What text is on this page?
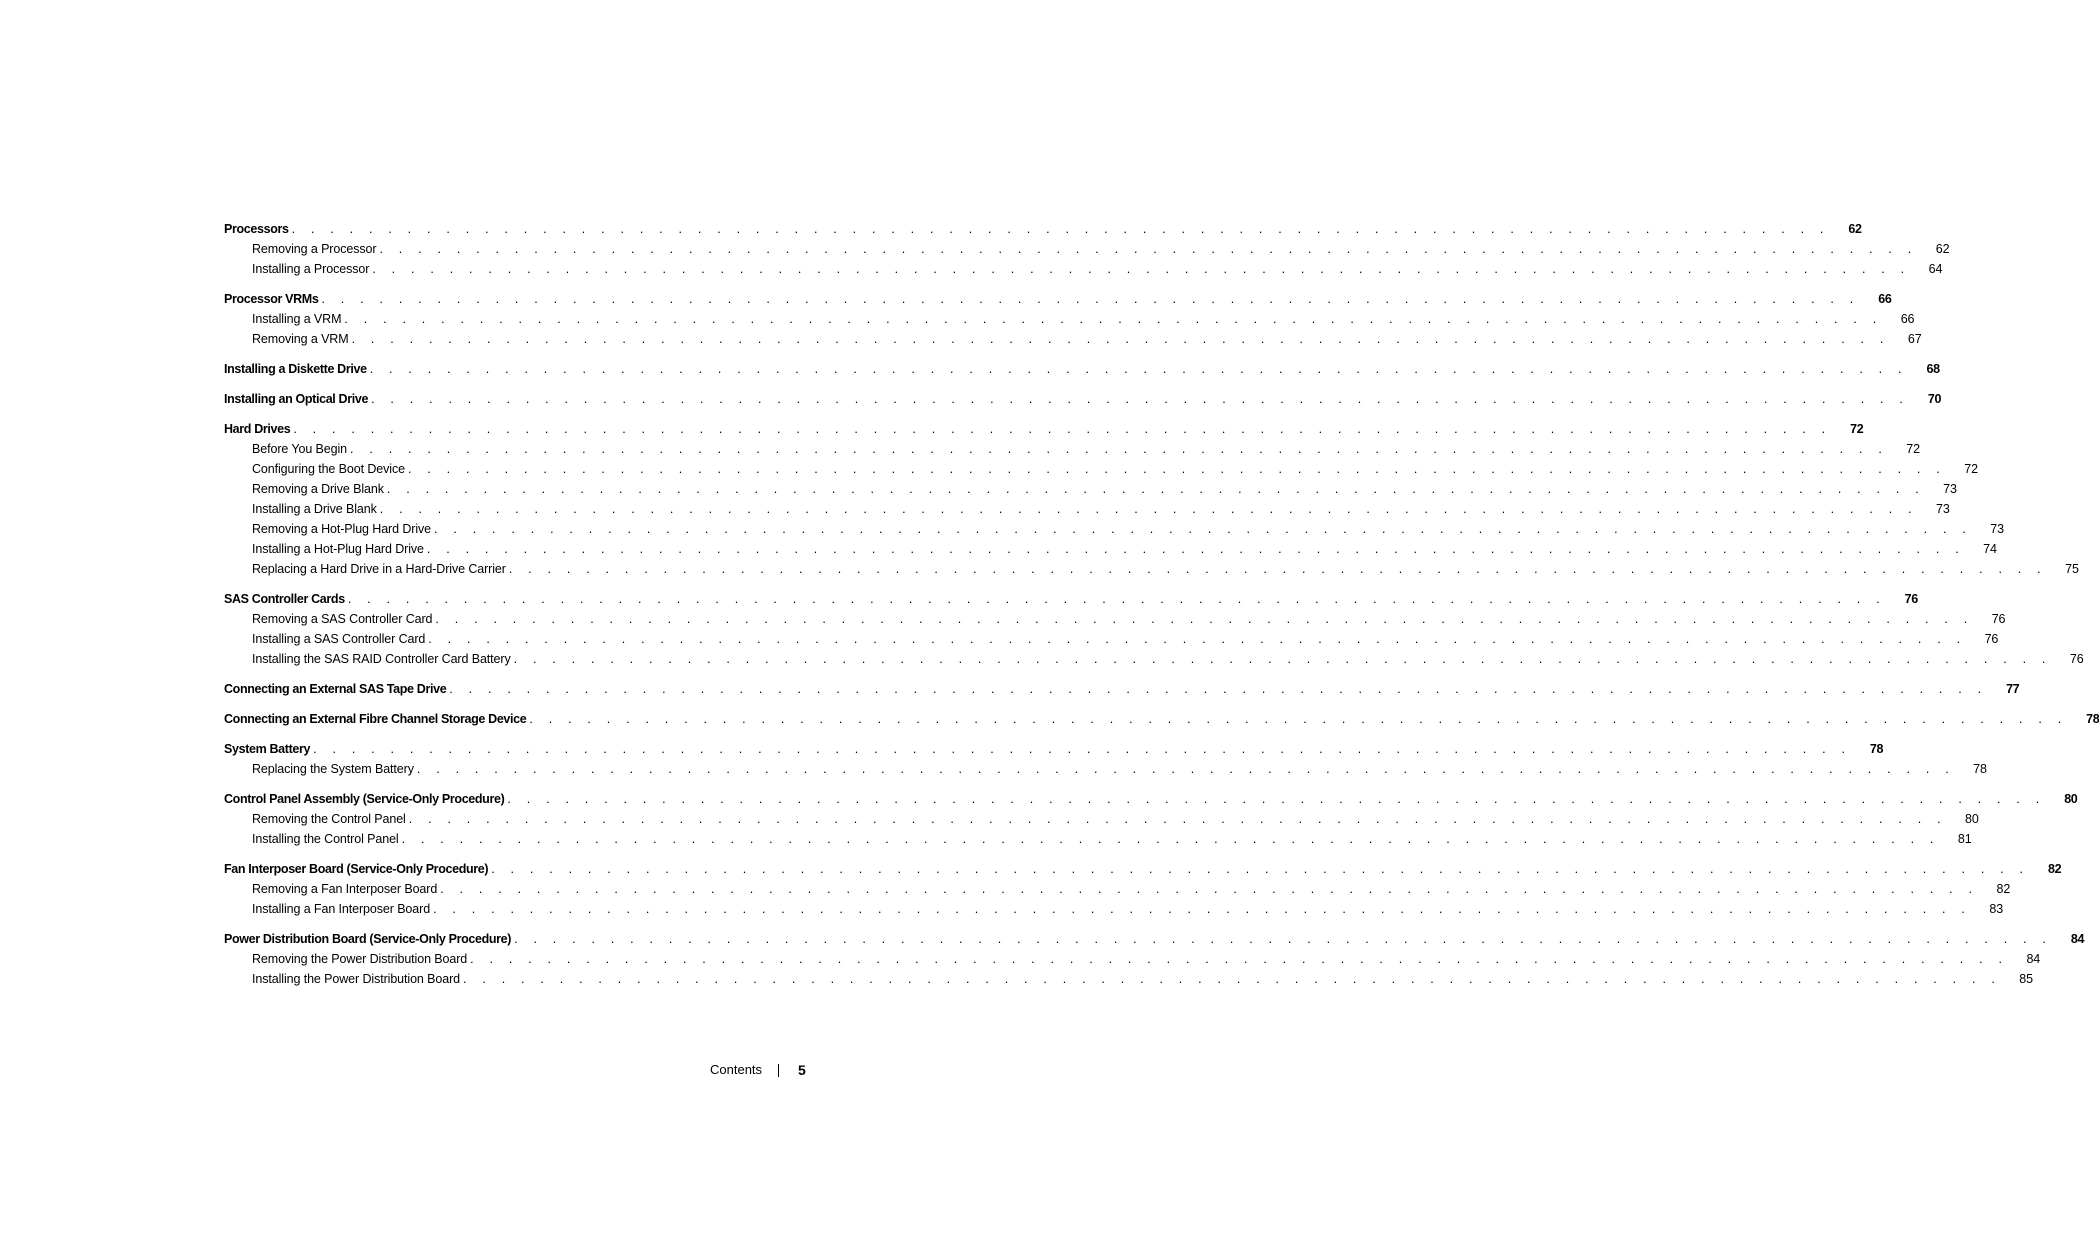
Processors . . . . . . . . . . . . . . . . . . . . . . . . . . . . . . . . . . . . . . . . . . . . . . . . . . . . . . . . . . . . . . . . . . . . . . . . . . . . . . . .	62
Removing a Processor . . . . . . . . . . . . . . . . . . . . . . . . . . . . . . . . . . . . . . . . . . . . . . . . . . . . . . . . . . . . . . . . . . . . . . . . . . . . . . . .	62
Installing a Processor . . . . . . . . . . . . . . . . . . . . . . . . . . . . . . . . . . . . . . . . . . . . . . . . . . . . . . . . . . . . . . . . . . . . . . . . . . . . . . . .	64
Processor VRMs . . . . . . . . . . . . . . . . . . . . . . . . . . . . . . . . . . . . . . . . . . . . . . . . . . . . . . . . . . . . . . . . . . . . . . . . . . . . . . . .	66
Installing a VRM . . . . . . . . . . . . . . . . . . . . . . . . . . . . . . . . . . . . . . . . . . . . . . . . . . . . . . . . . . . . . . . . . . . . . . . . . . . . . . . .	66
Removing a VRM . . . . . . . . . . . . . . . . . . . . . . . . . . . . . . . . . . . . . . . . . . . . . . . . . . . . . . . . . . . . . . . . . . . . . . . . . . . . . . . .	67
Installing a Diskette Drive . . . . . . . . . . . . . . . . . . . . . . . . . . . . . . . . . . . . . . . . . . . . . . . . . . . . . . . . . . . . . . . . . . . . . . . . . . . . . . . .	68
Installing an Optical Drive . . . . . . . . . . . . . . . . . . . . . . . . . . . . . . . . . . . . . . . . . . . . . . . . . . . . . . . . . . . . . . . . . . . . . . . . . . . . . . . .	70
Hard Drives . . . . . . . . . . . . . . . . . . . . . . . . . . . . . . . . . . . . . . . . . . . . . . . . . . . . . . . . . . . . . . . . . . . . . . . . . . . . . . . .	72
Before You Begin . . . . . . . . . . . . . . . . . . . . . . . . . . . . . . . . . . . . . . . . . . . . . . . . . . . . . . . . . . . . . . . . . . . . . . . . . . . . . . . .	72
Configuring the Boot Device . . . . . . . . . . . . . . . . . . . . . . . . . . . . . . . . . . . . . . . . . . . . . . . . . . . . . . . . . . . . . . . . . . . . . . . . . . . . . . . .	72
Removing a Drive Blank . . . . . . . . . . . . . . . . . . . . . . . . . . . . . . . . . . . . . . . . . . . . . . . . . . . . . . . . . . . . . . . . . . . . . . . . . . . . . . . .	73
Installing a Drive Blank . . . . . . . . . . . . . . . . . . . . . . . . . . . . . . . . . . . . . . . . . . . . . . . . . . . . . . . . . . . . . . . . . . . . . . . . . . . . . . . .	73
Removing a Hot-Plug Hard Drive . . . . . . . . . . . . . . . . . . . . . . . . . . . . . . . . . . . . . . . . . . . . . . . . . . . . . . . . . . . . . . . . . . . . . . . . . . . . . . . .	73
Installing a Hot-Plug Hard Drive . . . . . . . . . . . . . . . . . . . . . . . . . . . . . . . . . . . . . . . . . . . . . . . . . . . . . . . . . . . . . . . . . . . . . . . . . . . . . . . .	74
Replacing a Hard Drive in a Hard-Drive Carrier . . . . . . . . . . . . . . . . . . . . . . . . . . . . . . . . . . . . . . . . . . . . . . . . . . . . . . . . . . . . . . . . . . . . . . . . . . . . . . . .	75
SAS Controller Cards . . . . . . . . . . . . . . . . . . . . . . . . . . . . . . . . . . . . . . . . . . . . . . . . . . . . . . . . . . . . . . . . . . . . . . . . . . . . . . . .	76
Removing a SAS Controller Card . . . . . . . . . . . . . . . . . . . . . . . . . . . . . . . . . . . . . . . . . . . . . . . . . . . . . . . . . . . . . . . . . . . . . . . . . . . . . . . .	76
Installing a SAS Controller Card . . . . . . . . . . . . . . . . . . . . . . . . . . . . . . . . . . . . . . . . . . . . . . . . . . . . . . . . . . . . . . . . . . . . . . . . . . . . . . . .	76
Installing the SAS RAID Controller Card Battery . . . . . . . . . . . . . . . . . . . . . . . . . . . . . . . . . . . . . . . . . . . . . . . . . . . . . . . . . . . . . . . . . . . . . . . . . . . . . . . .	76
Connecting an External SAS Tape Drive . . . . . . . . . . . . . . . . . . . . . . . . . . . . . . . . . . . . . . . . . . . . . . . . . . . . . . . . . . . . . . . . . . . . . . . . . . . . . . . .	77
Connecting an External Fibre Channel Storage Device . . . . . . . . . . . . . . . . . . . . . . . . . . . . . . . . . . . . . . . . . . . . . . . . . . . . . . . . . . . . . . . . . . . . . . . . . . . . . . . .	78
System Battery . . . . . . . . . . . . . . . . . . . . . . . . . . . . . . . . . . . . . . . . . . . . . . . . . . . . . . . . . . . . . . . . . . . . . . . . . . . . . . . .	78
Replacing the System Battery . . . . . . . . . . . . . . . . . . . . . . . . . . . . . . . . . . . . . . . . . . . . . . . . . . . . . . . . . . . . . . . . . . . . . . . . . . . . . . . .	78
Control Panel Assembly (Service-Only Procedure) . . . . . . . . . . . . . . . . . . . . . . . . . . . . . . . . . . . . . . . . . . . . . . . . . . . . . . . . . . . . . . . . . . . . . . . . . . . . . . . .	80
Removing the Control Panel . . . . . . . . . . . . . . . . . . . . . . . . . . . . . . . . . . . . . . . . . . . . . . . . . . . . . . . . . . . . . . . . . . . . . . . . . . . . . . . .	80
Installing the Control Panel . . . . . . . . . . . . . . . . . . . . . . . . . . . . . . . . . . . . . . . . . . . . . . . . . . . . . . . . . . . . . . . . . . . . . . . . . . . . . . . .	81
Fan Interposer Board (Service-Only Procedure) . . . . . . . . . . . . . . . . . . . . . . . . . . . . . . . . . . . . . . . . . . . . . . . . . . . . . . . . . . . . . . . . . . . . . . . . . . . . . . . .	82
Removing a Fan Interposer Board . . . . . . . . . . . . . . . . . . . . . . . . . . . . . . . . . . . . . . . . . . . . . . . . . . . . . . . . . . . . . . . . . . . . . . . . . . . . . . . .	82
Installing a Fan Interposer Board . . . . . . . . . . . . . . . . . . . . . . . . . . . . . . . . . . . . . . . . . . . . . . . . . . . . . . . . . . . . . . . . . . . . . . . . . . . . . . . .	83
Power Distribution Board (Service-Only Procedure) . . . . . . . . . . . . . . . . . . . . . . . . . . . . . . . . . . . . . . . . . . . . . . . . . . . . . . . . . . . . . . . . . . . . . . . . . . . . . . . .	84
Removing the Power Distribution Board . . . . . . . . . . . . . . . . . . . . . . . . . . . . . . . . . . . . . . . . . . . . . . . . . . . . . . . . . . . . . . . . . . . . . . . . . . . . . . . .	84
Installing the Power Distribution Board . . . . . . . . . . . . . . . . . . . . . . . . . . . . . . . . . . . . . . . . . . . . . . . . . . . . . . . . . . . . . . . . . . . . . . . . . . . . . . . .	85
Contents	5
